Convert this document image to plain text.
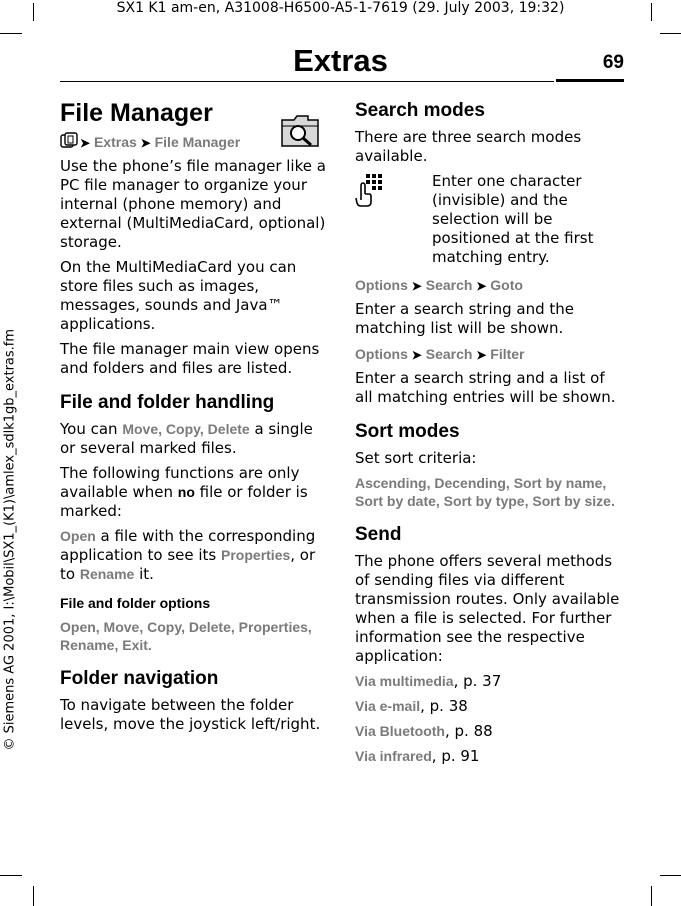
SX1 K1 am-en, A31008-H6500-A5-1-7619 (29. July 2003, 19:32)
Extras	69
© Siemens AG 2001, I:\Mobil\SX1_(K1)\amlex_sdlk1gb_extras.fm
File Manager
➤ Extras ➤ File Manager

Use the phone’s file manager like a PC file manager to organize your internal (phone memory) and external (MultiMediaCard, optional) storage.

On the MultiMediaCard you can store files such as images, messages, sounds and Java™ applications.

The file manager main view opens and folders and files are listed.

File and folder handling

You can Move, Copy, Delete a single or several marked files.

The following functions are only available when no file or folder is marked:

Open a file with the corresponding application to see its Properties, or to Rename it.

File and folder options

Open, Move, Copy, Delete, Properties, Rename, Exit.

Folder navigation

To navigate between the folder levels, move the joystick left/right.

Search modes

There are three search modes available.

Enter one character (invisible) and the selection will be positioned at the first matching entry.

Options ➤ Search ➤ Goto

Enter a search string and the matching list will be shown.

Options ➤ Search ➤ Filter

Enter a search string and a list of all matching entries will be shown.

Sort modes

Set sort criteria:

Ascending, Decending, Sort by name, Sort by date, Sort by type, Sort by size.

Send

The phone offers several methods of sending files via different transmission routes. Only available when a file is selected. For further information see the respective application:

Via multimedia, p. 37

Via e-mail, p. 38

Via Bluetooth, p. 88

Via infrared, p. 91
